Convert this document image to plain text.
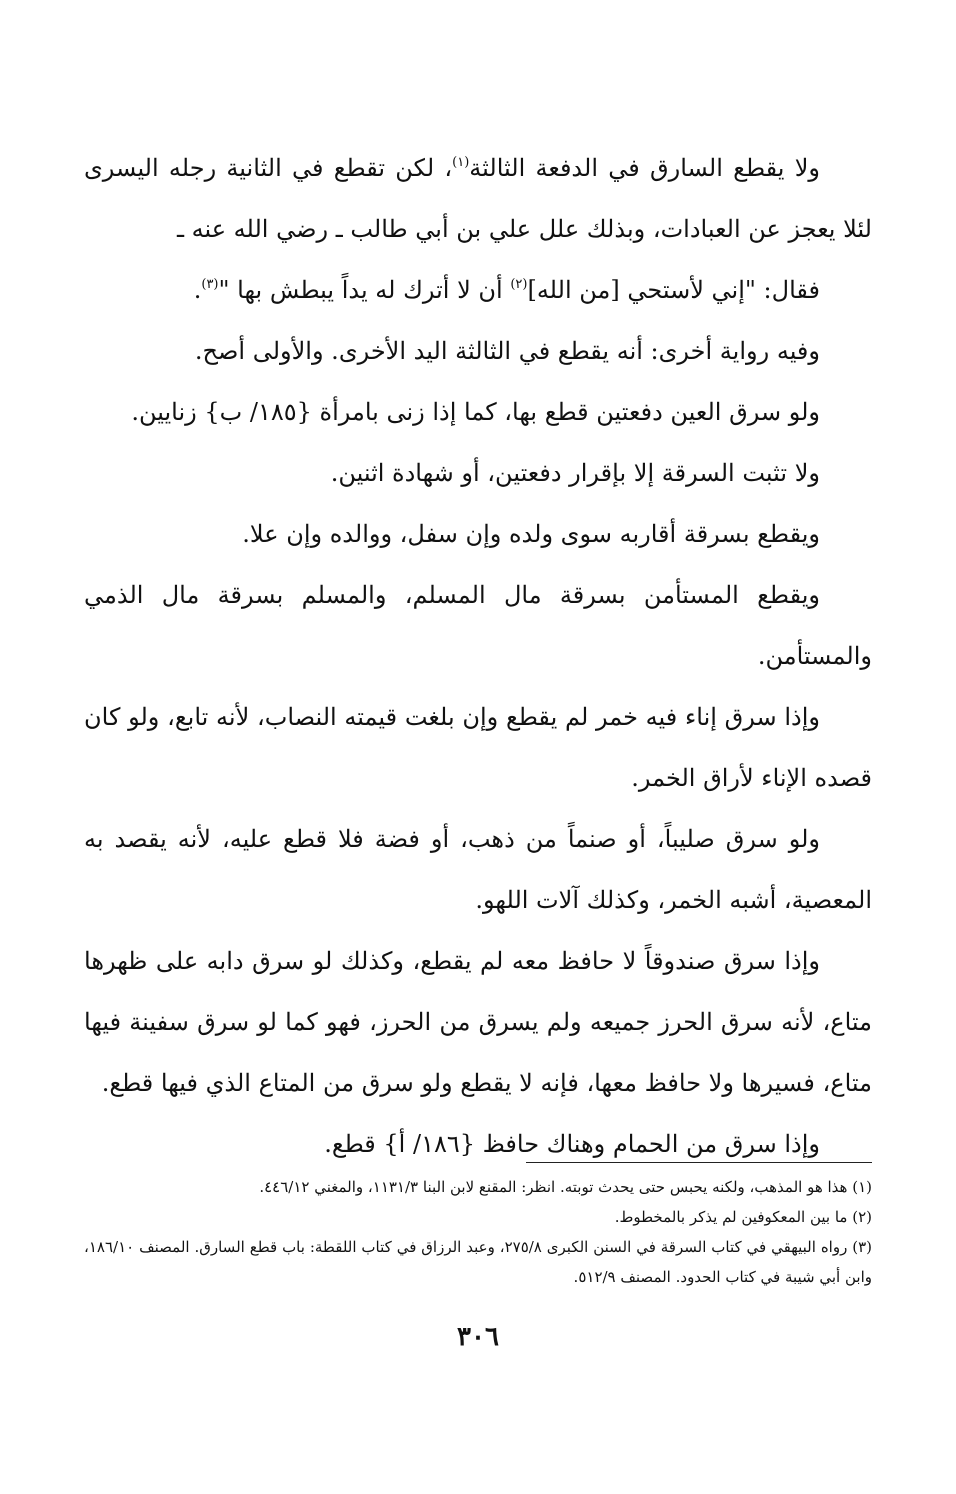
ولا يقطع السارق في الدفعة الثالثة$^{(١)}$، لكن تقطع في الثانية رجله اليسرى لئلا يعجز عن العبادات، وبذلك علل علي بن أبي طالب ـ رضي الله عنه ـ

فقال: "إني لأستحي [من الله]$^{(٢)}$ أن لا أترك له يداً يبطش بها "$^{(٣)}$.

وفيه رواية أخرى: أنه يقطع في الثالثة اليد الأخرى. والأولى أصح.

ولو سرق العين دفعتين قطع بها، كما إذا زنى بامرأة {١٨٥/ ب} زنايين.

ولا تثبت السرقة إلا بإقرار دفعتين، أو شهادة اثنين.

ويقطع بسرقة أقاربه سوى ولده وإن سفل، ووالده وإن علا.

ويقطع المستأمن بسرقة مال المسلم، والمسلم بسرقة مال الذمي والمستأمن.

وإذا سرق إناء فيه خمر لم يقطع وإن بلغت قيمته النصاب، لأنه تابع، ولو كان قصده الإناء لأراق الخمر.

ولو سرق صليباً، أو صنماً من ذهب، أو فضة فلا قطع عليه، لأنه يقصد به المعصية، أشبه الخمر، وكذلك آلات اللهو.

وإذا سرق صندوقاً لا حافظ معه لم يقطع، وكذلك لو سرق دابه على ظهرها متاع، لأنه سرق الحرز جميعه ولم يسرق من الحرز، فهو كما لو سرق سفينة فيها متاع، فسيرها ولا حافظ معها، فإنه لا يقطع ولو سرق من المتاع الذي فيها قطع.

وإذا سرق من الحمام وهناك حافظ {١٨٦/ أ} قطع.

(١) هذا هو المذهب، ولكنه يحبس حتى يحدث توبته. انظر: المقنع لابن البنا ١١٣١/٣، والمغني ٤٤٦/١٢.

(٢) ما بين المعكوفين لم يذكر بالمخطوط.

(٣) رواه البيهقي في كتاب السرقة في السنن الكبرى ٢٧٥/٨، وعبد الرزاق في كتاب اللقطة: باب قطع السارق. المصنف ١٨٦/١٠، وابن أبي شيبة في كتاب الحدود. المصنف ٥١٢/٩.

٣٠٦
